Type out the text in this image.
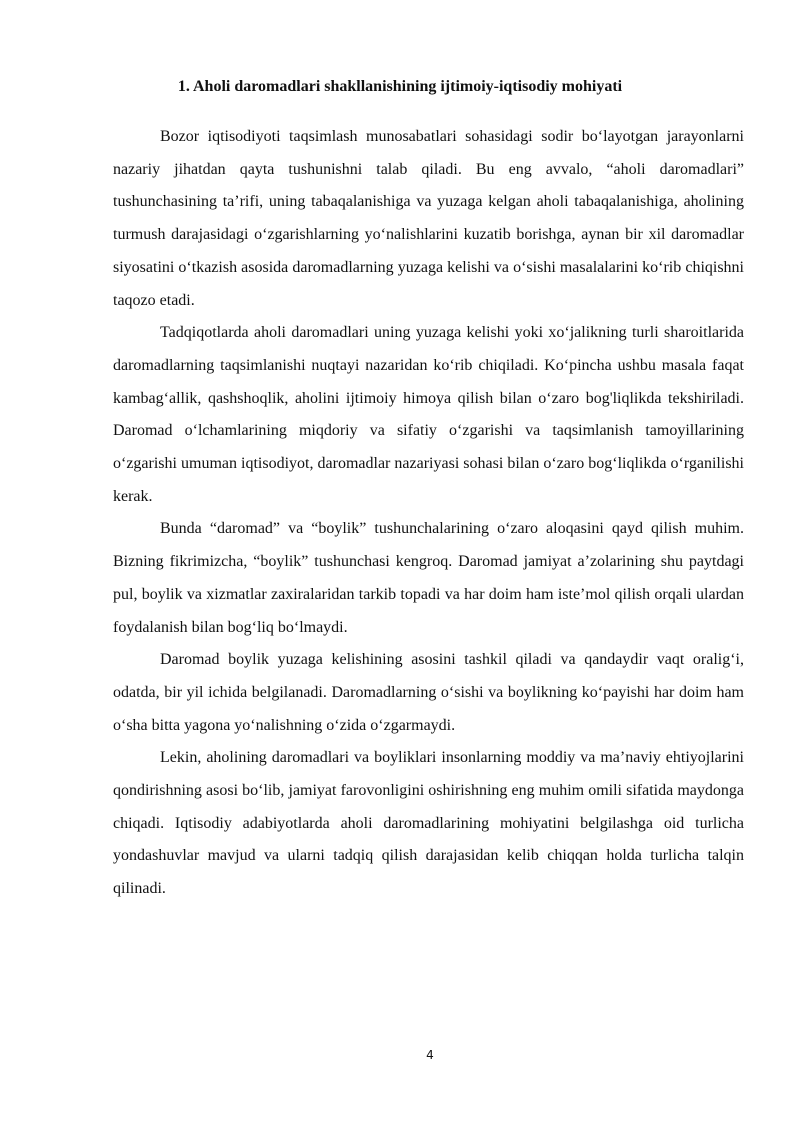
1. Aholi daromadlari shakllanishining ijtimoiy-iqtisodiy mohiyati

Bozor iqtisodiyoti taqsimlash munosabatlari sohasidagi sodir bo‘layotgan jarayonlarni nazariy jihatdan qayta tushunishni talab qiladi. Bu eng avvalo, “aholi daromadlari” tushunchasining ta’rifi, uning tabaqalanishiga va yuzaga kelgan aholi tabaqalanishiga, aholining turmush darajasidagi o‘zgarishlarning yo‘nalishlarini kuzatib borishga, aynan bir xil daromadlar siyosatini o‘tkazish asosida daromadlarning yuzaga kelishi va o‘sishi masalalarini ko‘rib chiqishni taqozo etadi.

Tadqiqotlarda aholi daromadlari uning yuzaga kelishi yoki xo‘jalikning turli sharoitlarida daromadlarning taqsimlanishi nuqtayi nazaridan ko‘rib chiqiladi. Ko‘pincha ushbu masala faqat kambag‘allik, qashshoqlik, aholini ijtimoiy himoya qilish bilan o‘zaro bog'liqlikda tekshiriladi. Daromad o‘lchamlarining miqdoriy va sifatiy o‘zgarishi va taqsimlanish tamoyillarining o‘zgarishi umuman iqtisodiyot, daromadlar nazariyasi sohasi bilan o‘zaro bog‘liqlikda o‘rganilishi kerak.

Bunda “daromad” va “boylik” tushunchalarining o‘zaro aloqasini qayd qilish muhim. Bizning fikrimizcha, “boylik” tushunchasi kengroq. Daromad jamiyat a’zolarining shu paytdagi pul, boylik va xizmatlar zaxiralaridan tarkib topadi va har doim ham iste’mol qilish orqali ulardan foydalanish bilan bog‘liq bo‘lmaydi.

Daromad boylik yuzaga kelishining asosini tashkil qiladi va qandaydir vaqt oralig‘i, odatda, bir yil ichida belgilanadi. Daromadlarning o‘sishi va boylikning ko‘payishi har doim ham o‘sha bitta yagona yo‘nalishning o‘zida o‘zgarmaydi.

Lekin, aholining daromadlari va boyliklari insonlarning moddiy va ma’naviy ehtiyojlarini qondirishning asosi bo‘lib, jamiyat farovonligini oshirishning eng muhim omili sifatida maydonga chiqadi. Iqtisodiy adabiyotlarda aholi daromadlarining mohiyatini belgilashga oid turlicha yondashuvlar mavjud va ularni tadqiq qilish darajasidan kelib chiqqan holda turlicha talqin qilinadi.

4
